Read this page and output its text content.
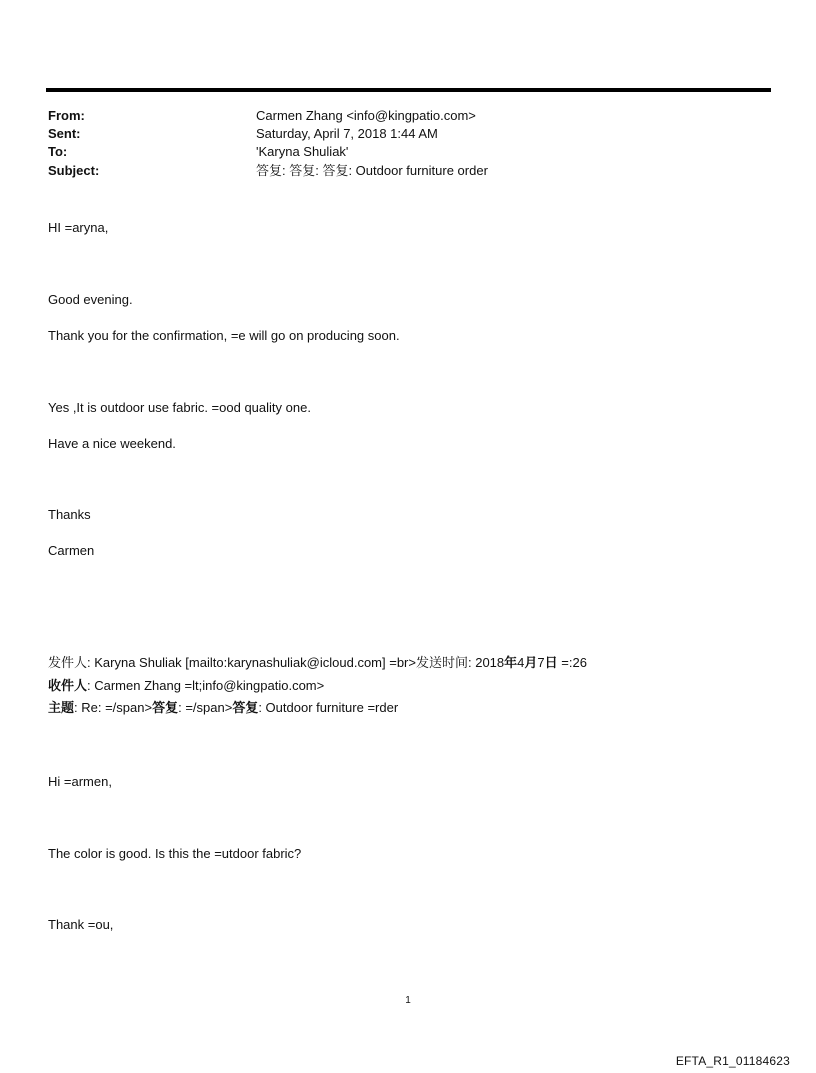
From:	Carmen Zhang <info@kingpatio.com>
Sent:	Saturday, April 7, 2018 1:44 AM
To:	'Karyna Shuliak'
Subject:	答复: 答复: 答复: Outdoor furniture order
HI =aryna,
Good evening.
Thank you for the confirmation, =e will go on producing soon.
Yes ,It is outdoor use fabric. =ood quality one.
Have a nice weekend.
Thanks
Carmen
发件人: Karyna Shuliak [mailto:karynashuliak@icloud.com] =br>发送时间: 2018年4月7日 =:26
收件人: Carmen Zhang =lt;info@kingpatio.com>
主题: Re: =/span>答复: =/span>答复: Outdoor furniture =rder
Hi =armen,
The color is good. Is this the =utdoor fabric?
Thank =ou,
1
EFTA_R1_01184623
